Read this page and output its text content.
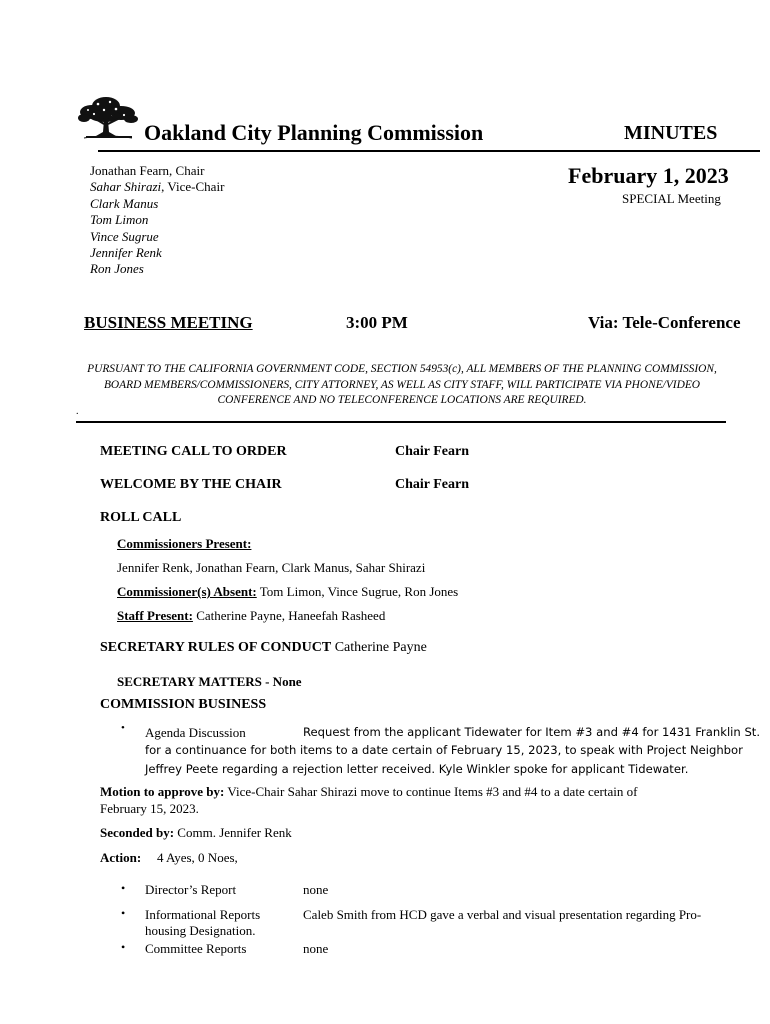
Oakland City Planning Commission	MINUTES
Jonathan Fearn, Chair
Sahar Shirazi, Vice-Chair
Clark Manus
Tom Limon
Vince Sugrue
Jennifer Renk
Ron Jones
February 1, 2023
SPECIAL Meeting
BUSINESS MEETING	3:00 PM	Via: Tele-Conference
PURSUANT TO THE CALIFORNIA GOVERNMENT CODE, SECTION 54953(c), ALL MEMBERS OF THE PLANNING COMMISSION, BOARD MEMBERS/COMMISSIONERS, CITY ATTORNEY, AS WELL AS CITY STAFF, WILL PARTICIPATE VIA PHONE/VIDEO CONFERENCE AND NO TELECONFERENCE LOCATIONS ARE REQUIRED.
.
MEETING CALL TO ORDER	Chair Fearn
WELCOME BY THE CHAIR	Chair Fearn
ROLL CALL
Commissioners Present:
Jennifer Renk, Jonathan Fearn, Clark Manus, Sahar Shirazi
Commissioner(s) Absent: Tom Limon, Vince Sugrue, Ron Jones
Staff Present: Catherine Payne, Haneefah Rasheed
SECRETARY RULES OF CONDUCT Catherine Payne
SECRETARY MATTERS - None
COMMISSION BUSINESS
• Agenda Discussion	Request from the applicant Tidewater for Item #3 and #4 for 1431 Franklin St.
for a continuance for both items to a date certain of February 15, 2023, to speak with Project Neighbor
Jeffrey Peete regarding a rejection letter received. Kyle Winkler spoke for applicant Tidewater.
Motion to approve by: Vice-Chair Sahar Shirazi move to continue Items #3 and #4 to a date certain of
February 15, 2023.
Seconded by: Comm. Jennifer Renk
Action: 4 Ayes, 0 Noes,
• Director’s Report	none
• Informational Reports	Caleb Smith from HCD gave a verbal and visual presentation regarding Pro-
housing Designation.
• Committee Reports	none
